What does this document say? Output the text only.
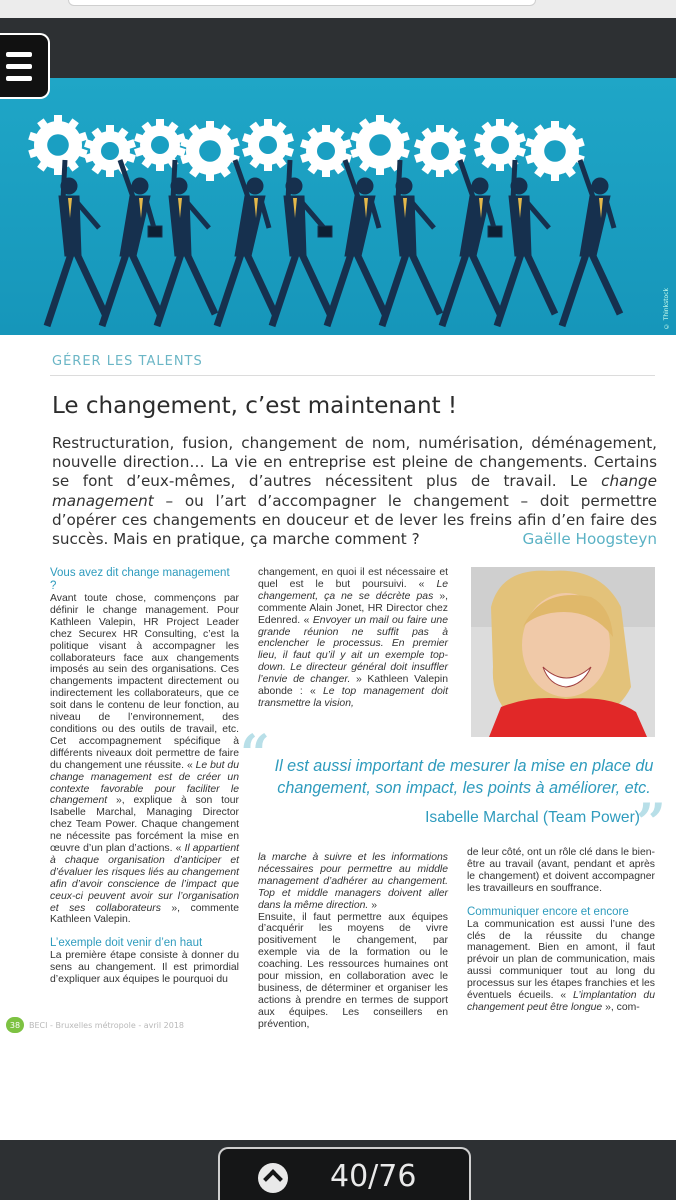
© Thinkstock
GÉRER LES TALENTS
Le changement, c’est maintenant !

Restructuration, fusion, changement de nom, numérisation, déménagement, nouvelle direction… La vie en entreprise est pleine de changements. Certains se font d’eux-mêmes, d’autres nécessitent plus de travail. Le change management – ou l’art d’accompagner le changement – doit permettre d’opérer ces changements en douceur et de lever les freins afin d’en faire des succès. Mais en pratique, ça marche comment ?	Gaëlle Hoogsteyn

Vous avez dit change management ?

Avant toute chose, commençons par définir le change management. Pour Kathleen Valepin, HR Project Leader chez Securex HR Consulting, c’est la politique visant à accompagner les collaborateurs face aux changements imposés au sein des organisations. Ces changements impactent directement ou indirectement les collaborateurs, que ce soit dans le contenu de leur fonction, au niveau de l’environnement, des conditions ou des outils de travail, etc. Cet accompagnement spécifique à différents niveaux doit permettre de faire du changement une réussite. « Le but du change management est de créer un contexte favorable pour faciliter le changement », explique à son tour Isabelle Marchal, Managing Director chez Team Power. Chaque changement ne nécessite pas forcément la mise en œuvre d’un plan d’actions. « Il appartient à chaque organisation d’anticiper et d’évaluer les risques liés au changement afin d’avoir conscience de l’impact que ceux-ci peuvent avoir sur l’organisation et ses collaborateurs », commente Kathleen Valepin.

L’exemple doit venir d’en haut

La première étape consiste à donner du sens au changement. Il est primordial d’expliquer aux équipes le pourquoi du

changement, en quoi il est nécessaire et quel est le but poursuivi. « Le changement, ça ne se décrète pas », commente Alain Jonet, HR Director chez Edenred. « Envoyer un mail ou faire une grande réunion ne suffit pas à enclencher le processus. En premier lieu, il faut qu’il y ait un exemple top-down. Le directeur général doit insuffler l’envie de changer. » Kathleen Valepin abonde : « Le top management doit transmettre la vision,

“ Il est aussi important de mesurer la mise en place du changement, son impact, les points à améliorer, etc.
Isabelle Marchal (Team Power)
”

la marche à suivre et les informations nécessaires pour permettre au middle management d’adhérer au changement. Top et middle managers doivent aller dans la même direction. »

Ensuite, il faut permettre aux équipes d’acquérir les moyens de vivre positivement le changement, par exemple via de la formation ou le coaching. Les ressources humaines ont pour mission, en collaboration avec le business, de déterminer et organiser les actions à prendre en termes de support aux équipes. Les conseillers en prévention,

de leur côté, ont un rôle clé dans le bien-être au travail (avant, pendant et après le changement) et doivent accompagner les travailleurs en souffrance.

Communiquer encore et encore

La communication est aussi l’une des clés de la réussite du change management. Bien en amont, il faut prévoir un plan de communication, mais aussi communiquer tout au long du processus sur les étapes franchies et les éventuels écueils. « L’implantation du changement peut être longue », com-

38	BECI - Bruxelles métropole - avril 2018
40/76
